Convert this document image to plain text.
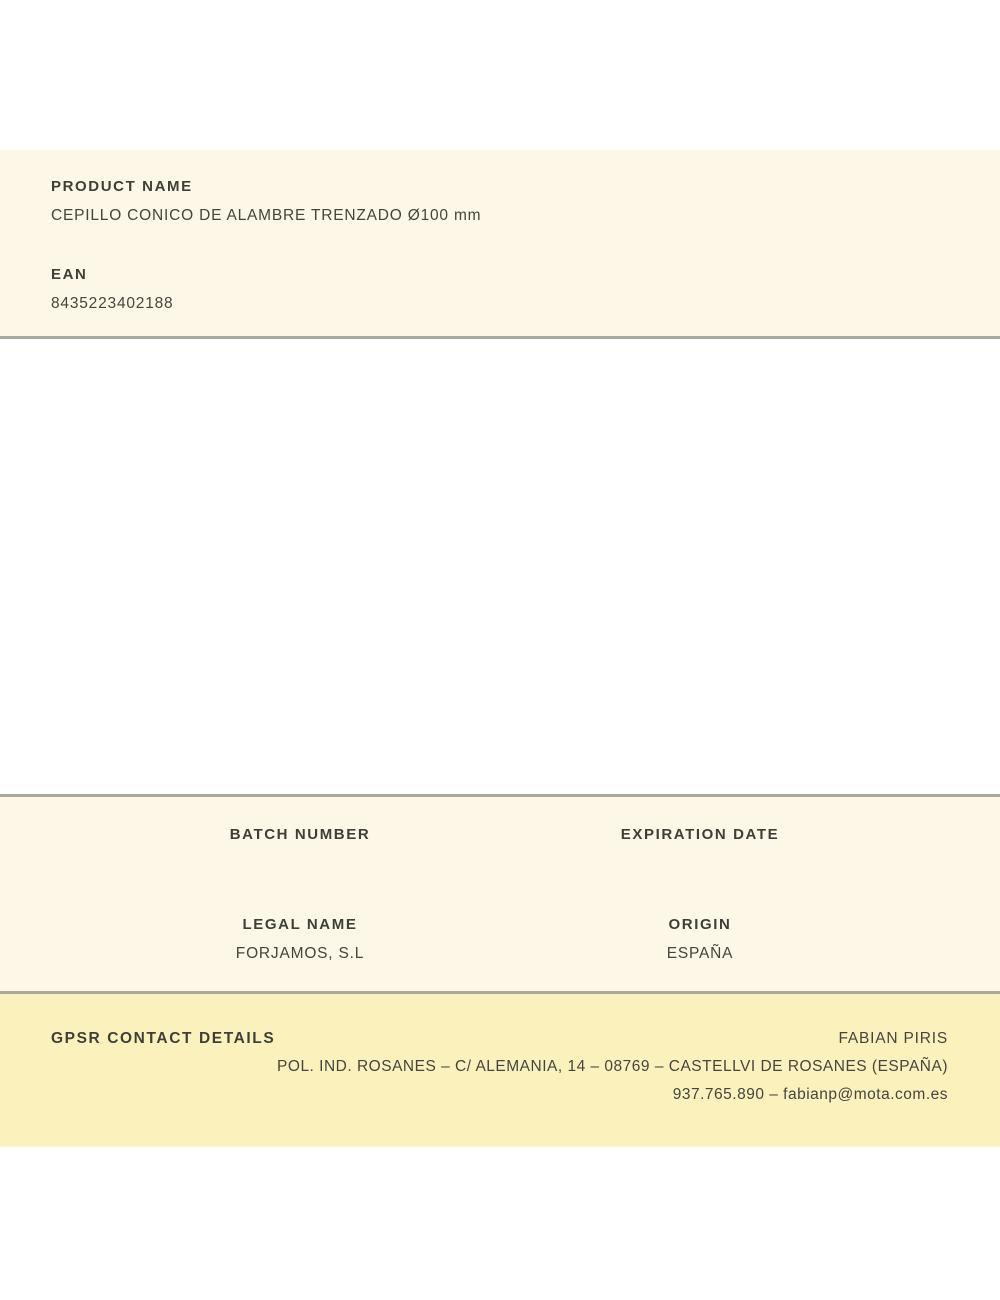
PRODUCT NAME
CEPILLO CONICO DE ALAMBRE TRENZADO Ø100 mm
EAN
8435223402188
BATCH NUMBER
LEGAL NAME
FORJAMOS, S.L
EXPIRATION DATE
ORIGIN
ESPAÑA
GPSR CONTACT DETAILS	FABIAN PIRIS
POL. IND. ROSANES – C/ ALEMANIA, 14 – 08769 – CASTELLVI DE ROSANES (ESPAÑA)
937.765.890 – fabianp@mota.com.es
